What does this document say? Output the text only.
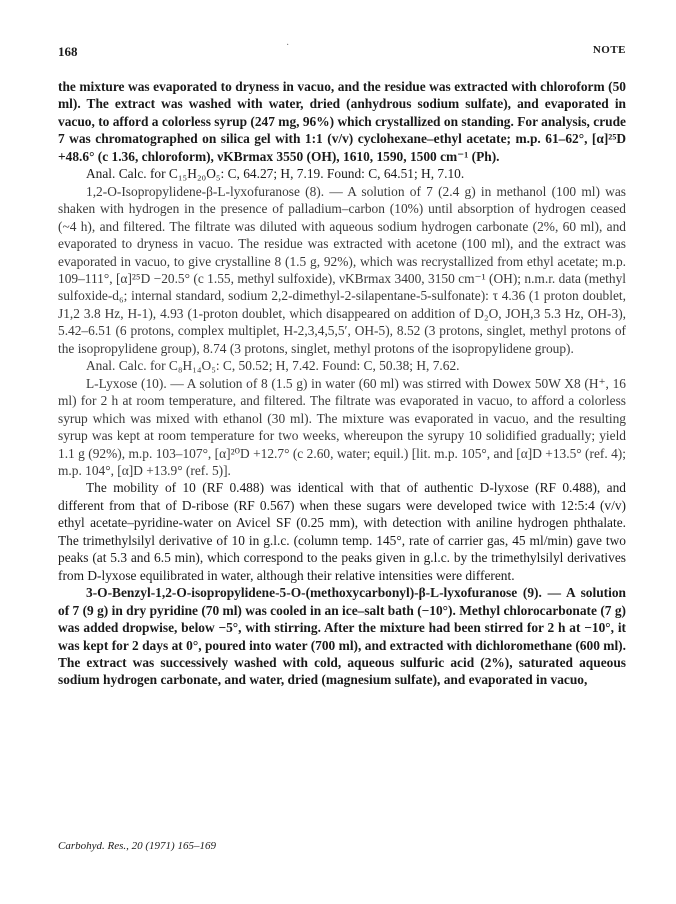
168	NOTE
·

the mixture was evaporated to dryness in vacuo, and the residue was extracted with chloroform (50 ml). The extract was washed with water, dried (anhydrous sodium sulfate), and evaporated in vacuo, to afford a colorless syrup (247 mg, 96%) which crystallized on standing. For analysis, crude 7 was chromatographed on silica gel with 1:1 (v/v) cyclohexane–ethyl acetate; m.p. 61–62°, [α]²⁵D +48.6° (c 1.36, chloroform), νKBrmax 3550 (OH), 1610, 1590, 1500 cm⁻¹ (Ph).

Anal. Calc. for C₁₅H₂₀O₅: C, 64.27; H, 7.19. Found: C, 64.51; H, 7.10.

1,2-O-Isopropylidene-β-L-lyxofuranose (8). — A solution of 7 (2.4 g) in methanol (100 ml) was shaken with hydrogen in the presence of palladium–carbon (10%) until absorption of hydrogen ceased (~4 h), and filtered. The filtrate was diluted with aqueous sodium hydrogen carbonate (2%, 60 ml), and evaporated to dryness in vacuo. The residue was extracted with acetone (100 ml), and the extract was evaporated in vacuo, to give crystalline 8 (1.5 g, 92%), which was recrystallized from ethyl acetate; m.p. 109–111°, [α]²⁵D −20.5° (c 1.55, methyl sulfoxide), νKBrmax 3400, 3150 cm⁻¹ (OH); n.m.r. data (methyl sulfoxide-d₆; internal standard, sodium 2,2-dimethyl-2-silapentane-5-sulfonate): τ 4.36 (1 proton doublet, J1,2 3.8 Hz, H-1), 4.93 (1-proton doublet, which disappeared on addition of D₂O, JOH,3 5.3 Hz, OH-3), 5.42–6.51 (6 protons, complex multiplet, H-2,3,4,5,5′, OH-5), 8.52 (3 protons, singlet, methyl protons of the isopropylidene group), 8.74 (3 protons, singlet, methyl protons of the isopropylidene group).

Anal. Calc. for C₈H₁₄O₅: C, 50.52; H, 7.42. Found: C, 50.38; H, 7.62.

L-Lyxose (10). — A solution of 8 (1.5 g) in water (60 ml) was stirred with Dowex 50W X8 (H⁺, 16 ml) for 2 h at room temperature, and filtered. The filtrate was evaporated in vacuo, to afford a colorless syrup which was mixed with ethanol (30 ml). The mixture was evaporated in vacuo, and the resulting syrup was kept at room temperature for two weeks, whereupon the syrupy 10 solidified gradually; yield 1.1 g (92%), m.p. 103–107°, [α]²⁰D +12.7° (c 2.60, water; equil.) [lit. m.p. 105°, and [α]D +13.5° (ref. 4); m.p. 104°, [α]D +13.9° (ref. 5)].

The mobility of 10 (RF 0.488) was identical with that of authentic D-lyxose (RF 0.488), and different from that of D-ribose (RF 0.567) when these sugars were developed twice with 12:5:4 (v/v) ethyl acetate–pyridine-water on Avicel SF (0.25 mm), with detection with aniline hydrogen phthalate. The trimethylsilyl derivative of 10 in g.l.c. (column temp. 145°, rate of carrier gas, 45 ml/min) gave two peaks (at 5.3 and 6.5 min), which correspond to the peaks given in g.l.c. by the trimethylsilyl derivatives from D-lyxose equilibrated in water, although their relative intensities were different.

3-O-Benzyl-1,2-O-isopropylidene-5-O-(methoxycarbonyl)-β-L-lyxofuranose (9). — A solution of 7 (9 g) in dry pyridine (70 ml) was cooled in an ice–salt bath (−10°). Methyl chlorocarbonate (7 g) was added dropwise, below −5°, with stirring. After the mixture had been stirred for 2 h at −10°, it was kept for 2 days at 0°, poured into water (700 ml), and extracted with dichloromethane (600 ml). The extract was successively washed with cold, aqueous sulfuric acid (2%), saturated aqueous sodium hydrogen carbonate, and water, dried (magnesium sulfate), and evaporated in vacuo,

Carbohyd. Res., 20 (1971) 165–169
